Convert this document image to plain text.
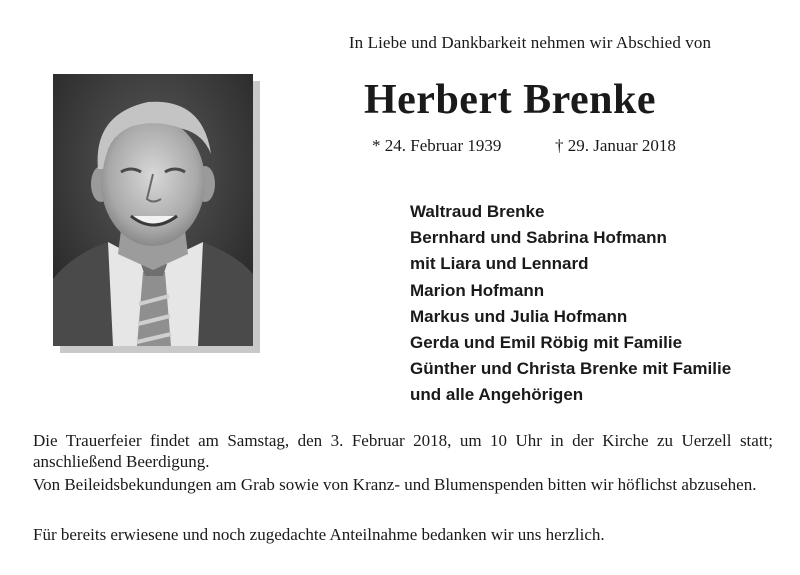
In Liebe und Dankbarkeit nehmen wir Abschied von
Herbert Brenke
* 24. Februar 1939	† 29. Januar 2018
Waltraud Brenke
Bernhard und Sabrina Hofmann
mit Liara und Lennard
Marion Hofmann
Markus und Julia Hofmann
Gerda und Emil Röbig mit Familie
Günther und Christa Brenke mit Familie
und alle Angehörigen

Die Trauerfeier findet am Samstag, den 3. Februar 2018, um 10 Uhr in der Kirche zu Uerzell statt; anschließend Beerdigung.

Von Beileidsbekundungen am Grab sowie von Kranz- und Blumenspenden bitten wir höflichst abzusehen.

Für bereits erwiesene und noch zugedachte Anteilnahme bedanken wir uns herzlich.
